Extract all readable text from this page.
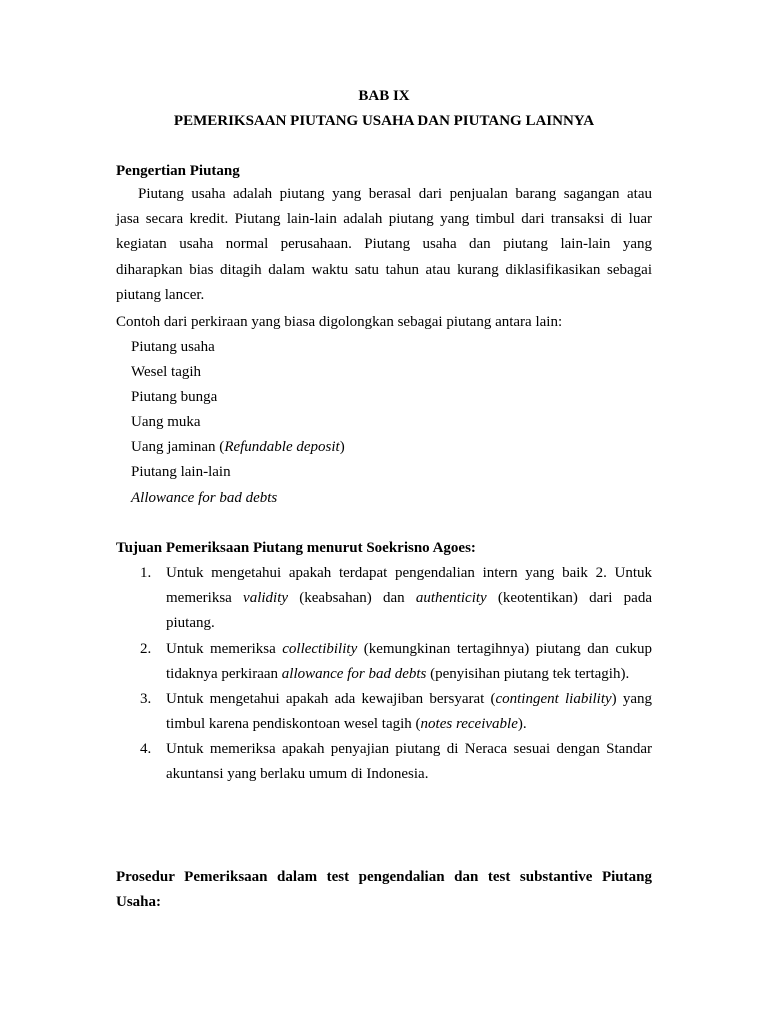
BAB IX
PEMERIKSAAN PIUTANG USAHA DAN PIUTANG LAINNYA
Pengertian Piutang
Piutang usaha adalah piutang yang berasal dari penjualan barang sagangan atau
jasa secara kredit. Piutang lain-lain adalah piutang yang timbul dari transaksi di luar
kegiatan usaha normal perusahaan. Piutang usaha dan piutang lain-lain yang
diharapkan bias ditagih dalam waktu satu tahun atau kurang diklasifikasikan sebagai
piutang lancer.
Contoh dari perkiraan yang biasa digolongkan sebagai piutang antara lain:
Piutang usaha
Wesel tagih
Piutang bunga
Uang muka
Uang jaminan (Refundable deposit)
Piutang lain-lain
Allowance for bad debts
Tujuan Pemeriksaan Piutang menurut Soekrisno Agoes:
1. Untuk mengetahui apakah terdapat pengendalian intern yang baik 2. Untuk
memeriksa validity (keabsahan) dan authenticity (keotentikan) dari pada
piutang.
2. Untuk memeriksa collectibility (kemungkinan tertagihnya) piutang dan cukup
tidaknya perkiraan allowance for bad debts (penyisihan piutang tek tertagih).
3. Untuk mengetahui apakah ada kewajiban bersyarat (contingent liability) yang
timbul karena pendiskontoan wesel tagih (notes receivable).
4. Untuk memeriksa apakah penyajian piutang di Neraca sesuai dengan Standar
akuntansi yang berlaku umum di Indonesia.
Prosedur Pemeriksaan dalam test pengendalian dan test substantive Piutang
Usaha:
